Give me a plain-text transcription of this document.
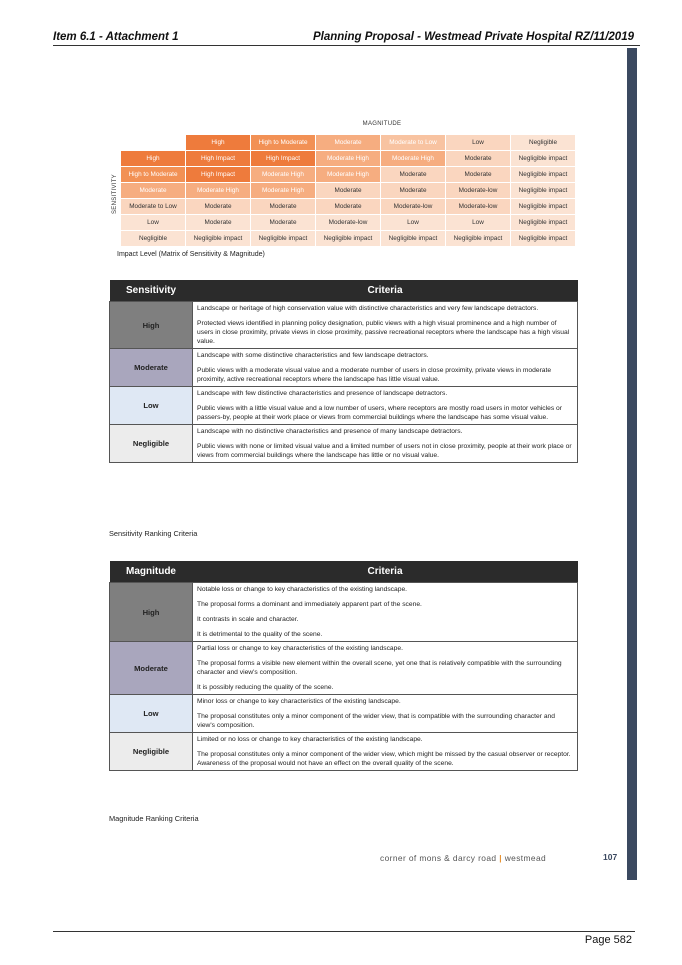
Item 6.1 - Attachment 1	Planning Proposal - Westmead Private Hospital RZ/11/2019
MAGNITUDE
SENSITIVITY
	High	High to Moderate	Moderate	Moderate to Low	Low	Negligible
High	High Impact	High Impact	Moderate High	Moderate High	Moderate	Negligible impact
High to Moderate	High Impact	Moderate High	Moderate High	Moderate	Moderate	Negligible impact
Moderate	Moderate High	Moderate High	Moderate	Moderate	Moderate-low	Negligible impact
Moderate to Low	Moderate	Moderate	Moderate	Moderate-low	Moderate-low	Negligible impact
Low	Moderate	Moderate	Moderate-low	Low	Low	Negligible impact
Negligible	Negligible impact	Negligible impact	Negligible impact	Negligible impact	Negligible impact	Negligible impact
Impact Level (Matrix of Sensitivity & Magnitude)
Sensitivity	Criteria
High	Landscape or heritage of high conservation value with distinctive characteristics and very few landscape detractors.

Protected views identified in planning policy designation, public views with a high visual prominence and a high number of users in close proximity, private views in close proximity, passive recreational receptors where the landscape has a high visual value.

Moderate	Landscape with some distinctive characteristics and few landscape detractors.

Public views with a moderate visual value and a moderate number of users in close proximity, private views in moderate proximity, active recreational receptors where the landscape has little visual value.

Low	Landscape with few distinctive characteristics and presence of landscape detractors.

Public views with a little visual value and a low number of users, where receptors are mostly road users in motor vehicles or passers-by, people at their work place or views from commercial buildings where the landscape has some visual value.

Negligible	Landscape with no distinctive characteristics and presence of many landscape detractors.

Public views with none or limited visual value and a limited number of users not in close proximity, people at their work place or views from commercial buildings where the landscape has little or no visual value.

Sensitivity Ranking Criteria
Magnitude	Criteria
High	Notable loss or change to key characteristics of the existing landscape.

The proposal forms a dominant and immediately apparent part of the scene.

It contrasts in scale and character.

It is detrimental to the quality of the scene.

Moderate	Partial loss or change to key characteristics of the existing landscape.

The proposal forms a visible new element within the overall scene, yet one that is relatively compatible with the surrounding character and view's composition.

It is possibly reducing the quality of the scene.

Low	Minor loss or change to key characteristics of the existing landscape.

The proposal constitutes only a minor component of the wider view, that is compatible with the surrounding character and view's composition.

Negligible	Limited or no loss or change to key characteristics of the existing landscape.

The proposal constitutes only a minor component of the wider view, which might be missed by the casual observer or receptor. Awareness of the proposal would not have an effect on the overall quality of the scene.

Magnitude Ranking Criteria
corner of mons & darcy road | westmead	107
Page 582
